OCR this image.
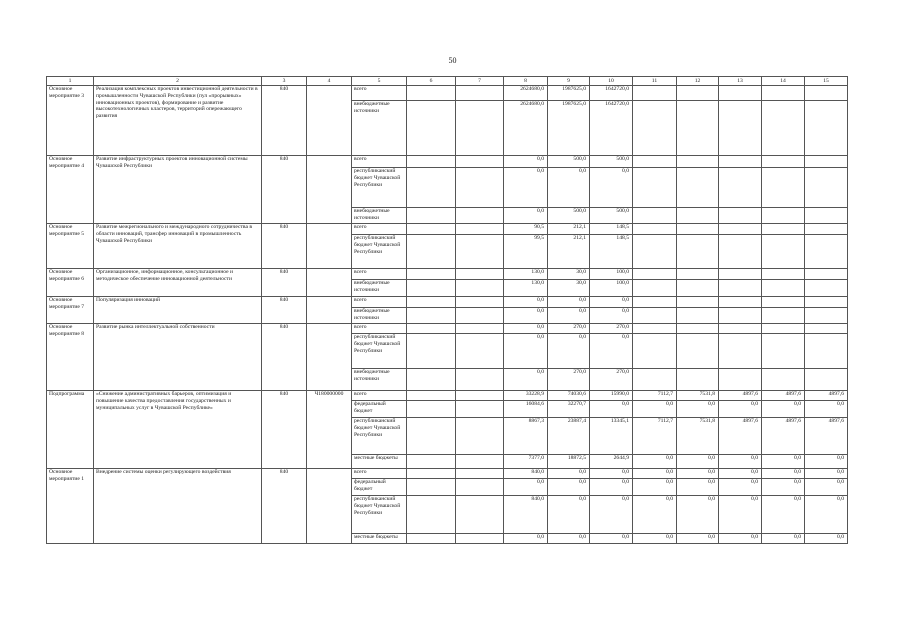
50
1	2	3	4	5	6	7	8	9	10	11	12	13	14	15
Основное мероприятие 3	Реализация комплексных проектов инвестиционной деятельности в промышленности Чувашской Республики (пул «прорывных» инновационных проектов), формирование и развитие высокотехнологичных кластеров, территорий опережающего развития	840		всего			2624680,0	1987625,0	1642720,0					
				внебюджетные источники			2624680,0	1987625,0	1642720,0					
Основное мероприятие 4	Развитие инфраструктурных проектов инновационной системы Чувашской Республики	840		всего			0,0	500,0	500,0					
				республиканский бюджет Чувашской Республики			0,0	0,0	0,0					
				внебюджетные источники			0,0	500,0	500,0					
Основное мероприятие 5	Развитие межрегионального и международного сотрудничества в области инноваций, трансфер инноваций в промышленность Чувашской Республики	840		всего			90,5	212,1	148,5					
				республиканский бюджет Чувашской Республики			99,5	212,1	148,5					
Основное мероприятие 6	Организационное, информационное, консультационное и методическое обеспечение инновационной деятельности	840		всего			130,0	30,0	100,0					
				внебюджетные источники			130,0	30,0	100,0					
Основное мероприятие 7	Популяризация инноваций	840		всего			0,0	0,0	0,0					
				внебюджетные источники			0,0	0,0	0,0					
Основное мероприятие 8	Развитие рынка интеллектуальной собственности	840		всего			0,0	270,0	270,0					
				республиканский бюджет Чувашской Республики			0,0	0,0	0,0					
				внебюджетные источники			0,0	270,0	270,0					
Подпрограмма	«Снижение административных барьеров, оптимизация и повышение качества предоставления государственных и муниципальных услуг в Чувашской Республике»	840	Ч180000000	всего			33228,9	74030,6	15990,0	7112,7	7531,8	4897,6	4897,6	4897,6
				федеральный бюджет			16084,6	32270,7	0,0	0,0	0,0	0,0	0,0	0,0
				республиканский бюджет Чувашской Республики			8867,3	23887,4	13345,1	7112,7	7531,8	4897,6	4897,6	4897,6
				местные бюджеты			7377,0	18872,5	2644,9	0,0	0,0	0,0	0,0	0,0
Основное мероприятие 1	Внедрение системы оценки регулирующего воздействия	840		всего			840,0	0,0	0,0	0,0	0,0	0,0	0,0	0,0
				федеральный бюджет			0,0	0,0	0,0	0,0	0,0	0,0	0,0	0,0
				республиканский бюджет Чувашской Республики			840,0	0,0	0,0	0,0	0,0	0,0	0,0	0,0
				местные бюджеты			0,0	0,0	0,0	0,0	0,0	0,0	0,0	0,0
